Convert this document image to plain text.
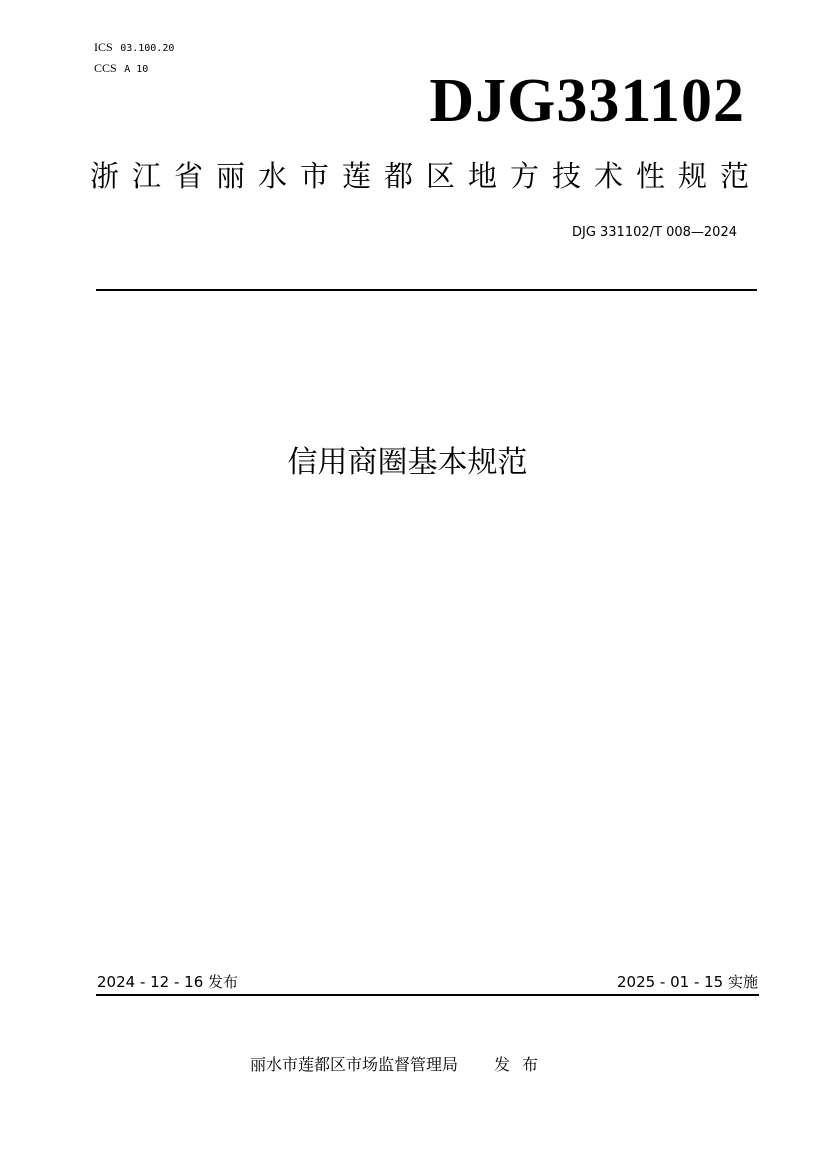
ICS 03.100.20
CCS A 10	DJG331102
浙江省丽水市莲都区地方技术性规范
DJG 331102/T 008—2024
信用商圈基本规范
2024 - 12 - 16 发布	2025 - 01 - 15 实施
丽水市莲都区市场监督管理局 发布
